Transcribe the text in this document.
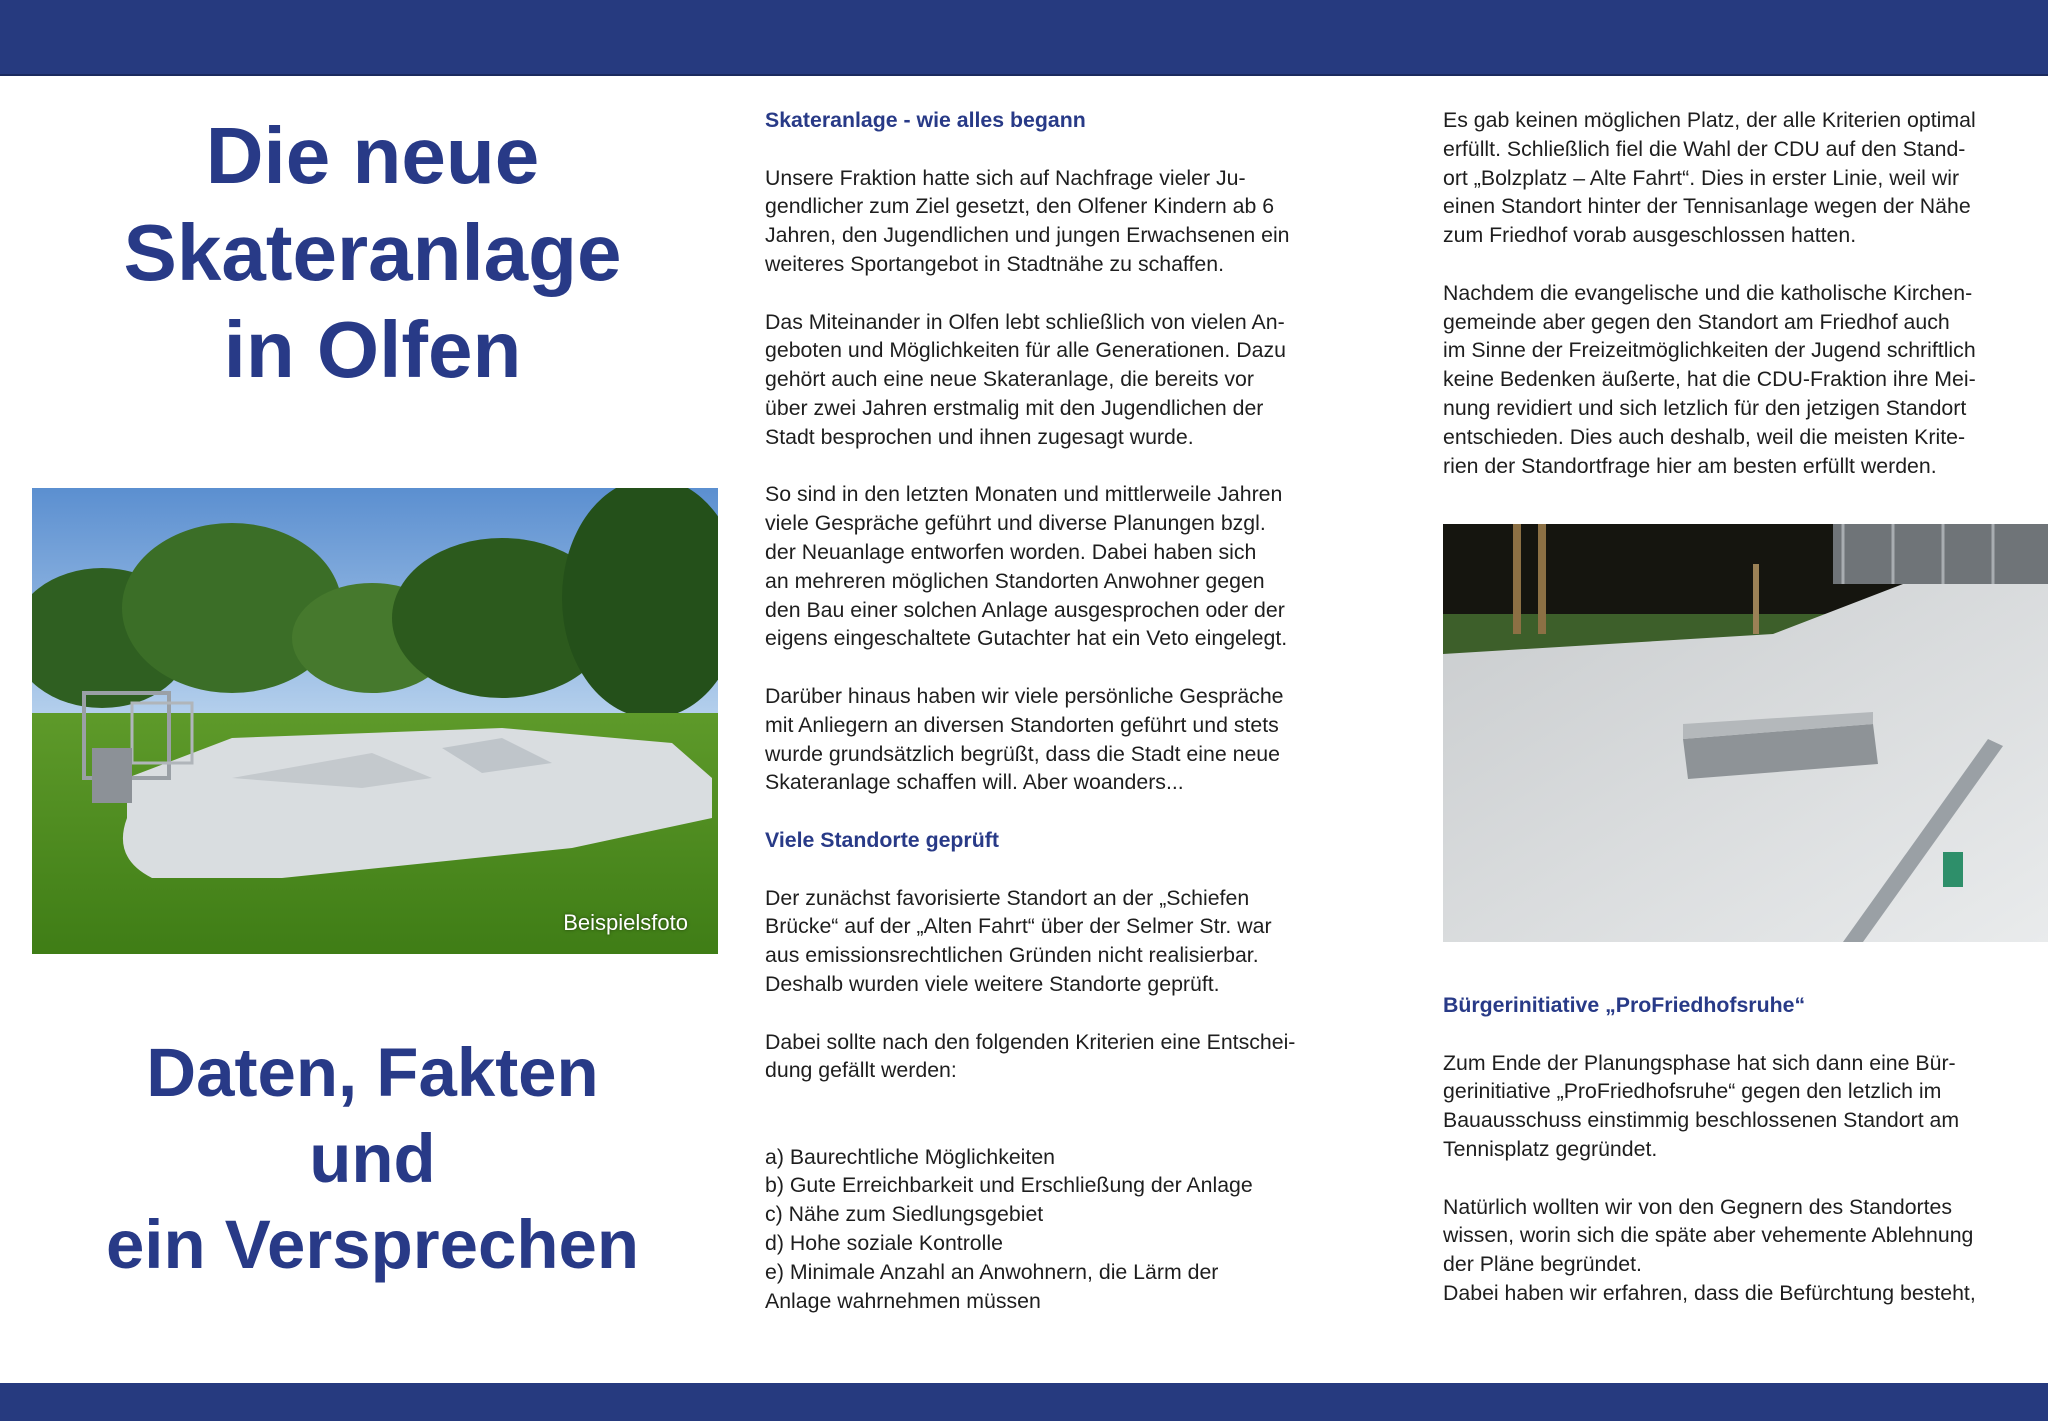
Die neue
Skateranlage
in Olfen
Beispielsfoto
Daten, Fakten
und
ein Versprechen
Skateranlage - wie alles begann

Unsere Fraktion hatte sich auf Nachfrage vieler Ju-
gendlicher zum Ziel gesetzt, den Olfener Kindern ab 6
Jahren, den Jugendlichen und jungen Erwachsenen ein
weiteres Sportangebot in Stadtnähe zu schaffen.

Das Miteinander in Olfen lebt schließlich von vielen An-
geboten und Möglichkeiten für alle Generationen. Dazu
gehört auch eine neue Skateranlage, die bereits vor
über zwei Jahren erstmalig mit den Jugendlichen der
Stadt besprochen und ihnen zugesagt wurde.

So sind in den letzten Monaten und mittlerweile Jahren
viele Gespräche geführt und diverse Planungen bzgl.
der Neuanlage entworfen worden. Dabei haben sich
an mehreren möglichen Standorten Anwohner gegen
den Bau einer solchen Anlage ausgesprochen oder der
eigens eingeschaltete Gutachter hat ein Veto eingelegt.

Darüber hinaus haben wir viele persönliche Gespräche
mit Anliegern an diversen Standorten geführt und stets
wurde grundsätzlich begrüßt, dass die Stadt eine neue
Skateranlage schaffen will. Aber woanders...

Viele Standorte geprüft

Der zunächst favorisierte Standort an der „Schiefen
Brücke“ auf der „Alten Fahrt“ über der Selmer Str. war
aus emissionsrechtlichen Gründen nicht realisierbar.
Deshalb wurden viele weitere Standorte geprüft.

Dabei sollte nach den folgenden Kriterien eine Entschei-
dung gefällt werden:

a) Baurechtliche Möglichkeiten
b) Gute Erreichbarkeit und Erschließung der Anlage
c) Nähe zum Siedlungsgebiet
d) Hohe soziale Kontrolle
e) Minimale Anzahl an Anwohnern, die Lärm der
Anlage wahrnehmen müssen

Es gab keinen möglichen Platz, der alle Kriterien optimal
erfüllt. Schließlich fiel die Wahl der CDU auf den Stand-
ort „Bolzplatz – Alte Fahrt“. Dies in erster Linie, weil wir
einen Standort hinter der Tennisanlage wegen der Nähe
zum Friedhof vorab ausgeschlossen hatten.

Nachdem die evangelische und die katholische Kirchen-
gemeinde aber gegen den Standort am Friedhof auch
im Sinne der Freizeitmöglichkeiten der Jugend schriftlich
keine Bedenken äußerte, hat die CDU-Fraktion ihre Mei-
nung revidiert und sich letzlich für den jetzigen Standort
entschieden. Dies auch deshalb, weil die meisten Krite-
rien der Standortfrage hier am besten erfüllt werden.

Bürgerinitiative „ProFriedhofsruhe“

Zum Ende der Planungsphase hat sich dann eine Bür-
gerinitiative „ProFriedhofsruhe“ gegen den letzlich im
Bauausschuss einstimmig beschlossenen Standort am
Tennisplatz gegründet.

Natürlich wollten wir von den Gegnern des Standortes
wissen, worin sich die späte aber vehemente Ablehnung
der Pläne begründet.
Dabei haben wir erfahren, dass die Befürchtung besteht,
